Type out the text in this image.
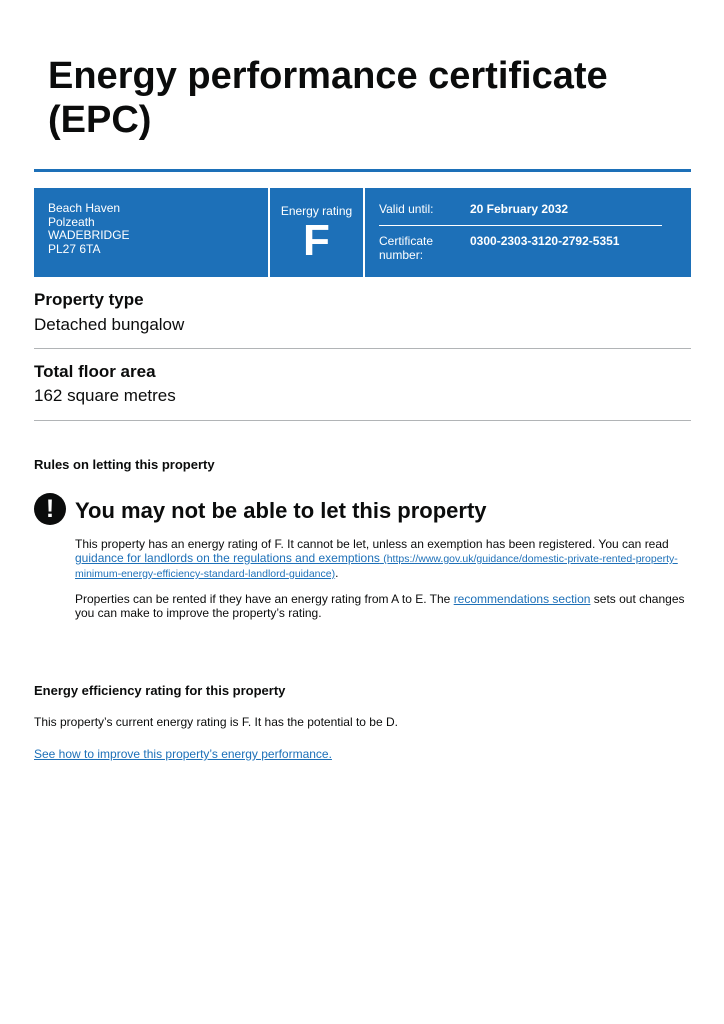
Energy performance certificate (EPC)
Beach Haven
Polzeath
WADEBRIDGE
PL27 6TA
Energy rating
F
Valid until:	20 February 2032
Certificate number:
0300-2303-3120-2792-5351
Property type

Detached bungalow

Total floor area

162 square metres

Rules on letting this property
! You may not be able to let this property

This property has an energy rating of F. It cannot be let, unless an exemption has been registered. You can read guidance for landlords on the regulations and exemptions (https://www.gov.uk/guidance/domestic-private-rented-property-minimum-energy-efficiency-standard-landlord-guidance).

Properties can be rented if they have an energy rating from A to E. The recommendations section sets out changes you can make to improve the property’s rating.

Energy efficiency rating for this property

This property’s current energy rating is F. It has the potential to be D.

See how to improve this property’s energy performance.
